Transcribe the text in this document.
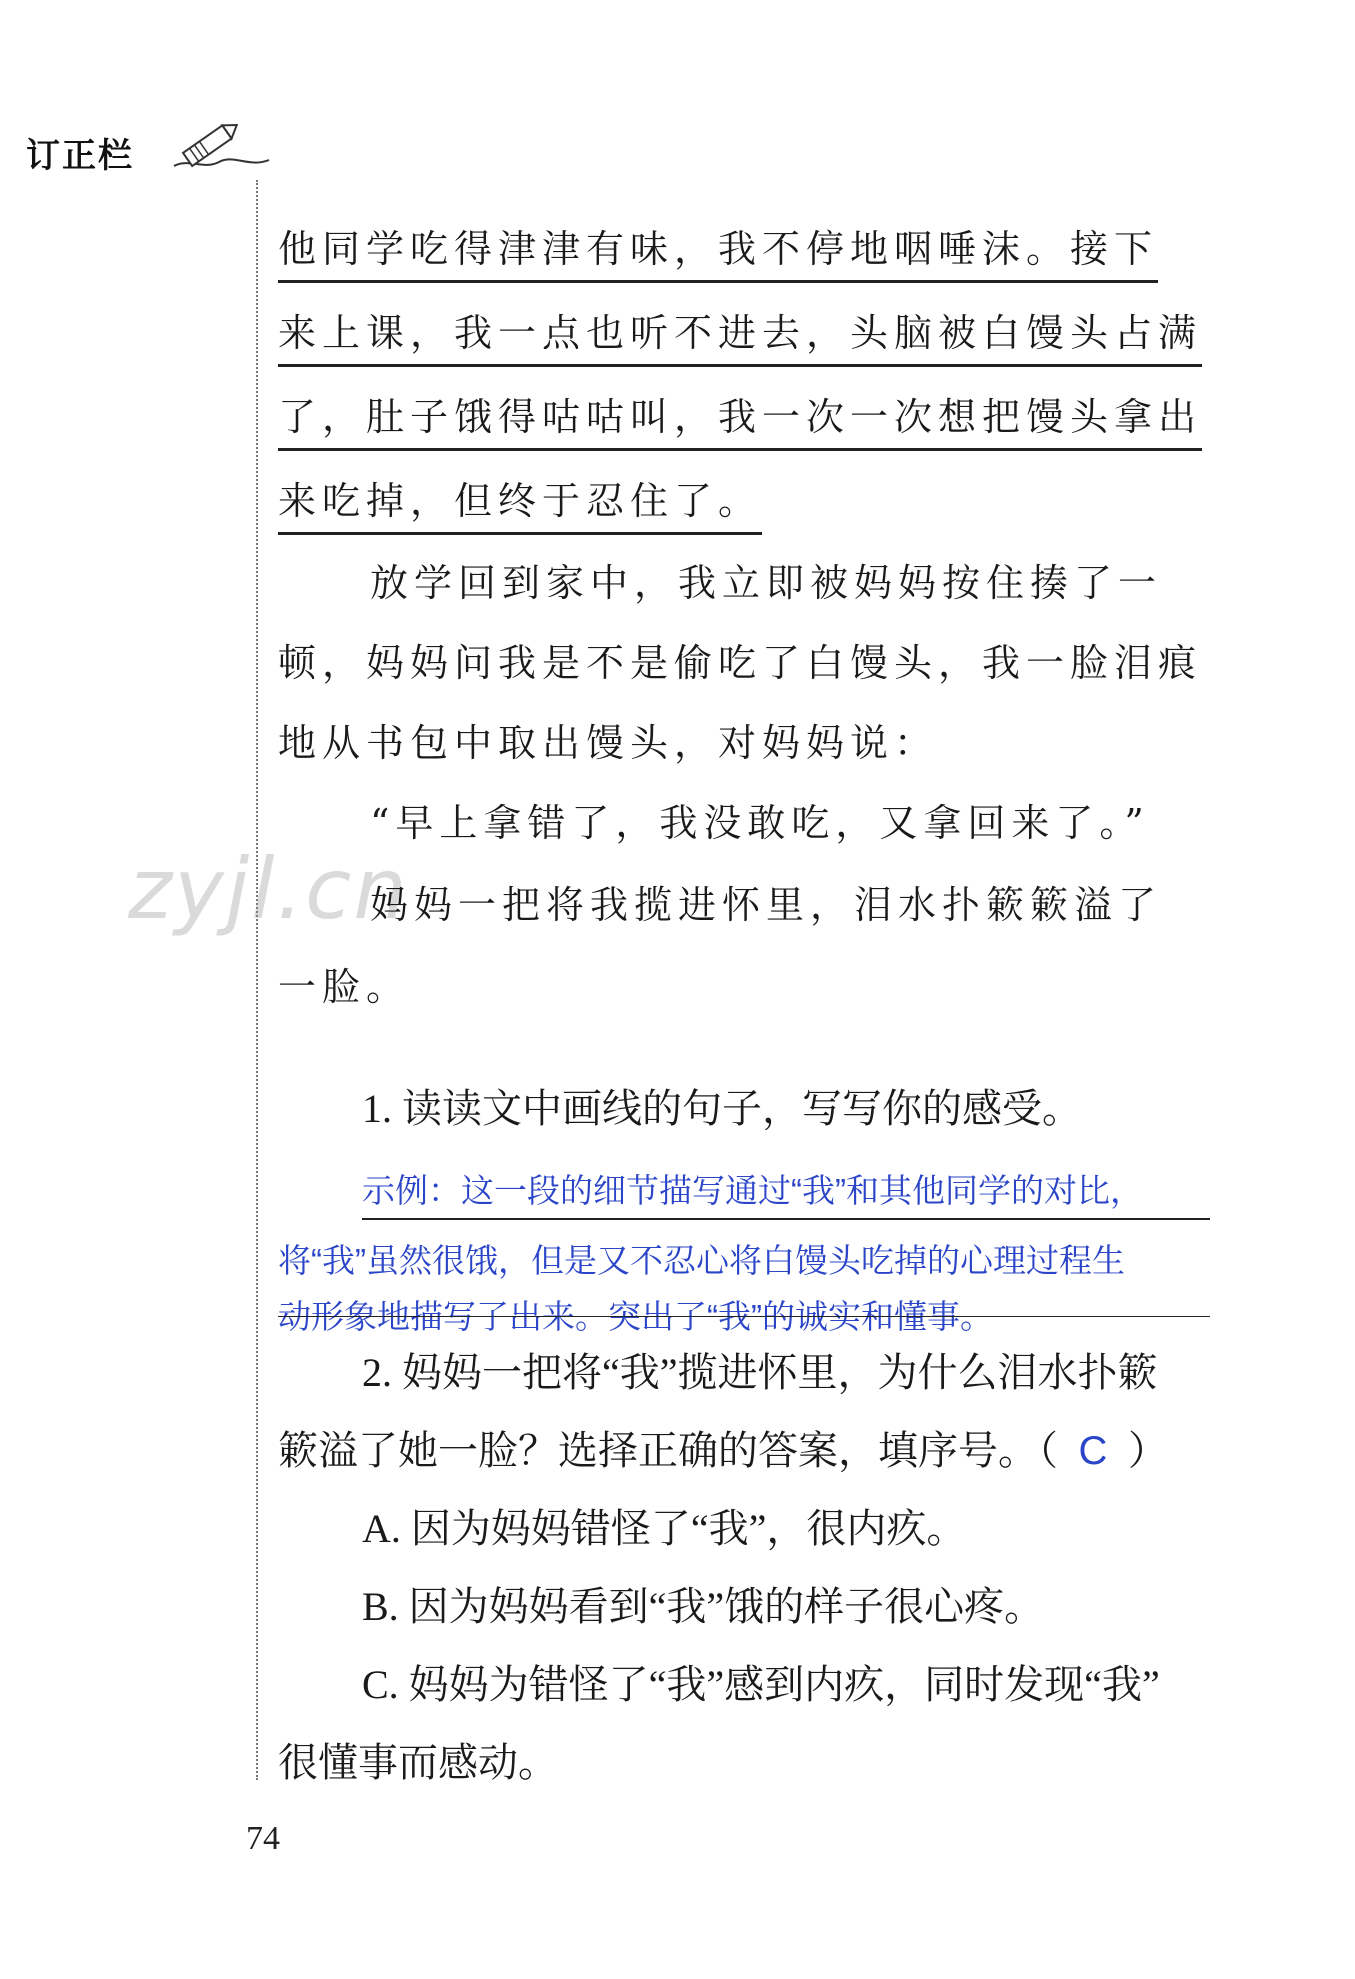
订正栏
zyjl.cn
他同学吃得津津有味，我不停地咽唾沫。接下
来上课，我一点也听不进去，头脑被白馒头占满
了，肚子饿得咕咕叫，我一次一次想把馒头拿出
来吃掉，但终于忍住了。
放学回到家中，我立即被妈妈按住揍了一
顿，妈妈问我是不是偷吃了白馒头，我一脸泪痕
地从书包中取出馒头，对妈妈说：
“早上拿错了，我没敢吃，又拿回来了。”
妈妈一把将我揽进怀里，泪水扑簌簌溢了
一脸。
1. 读读文中画线的句子，写写你的感受。
示例：这一段的细节描写通过“我”和其他同学的对比，
将“我”虽然很饿，但是又不忍心将白馒头吃掉的心理过程生
动形象地描写了出来。突出了“我”的诚实和懂事。
2. 妈妈一把将“我”揽进怀里，为什么泪水扑簌
簌溢了她一脸？选择正确的答案，填序号。（ C ）
A. 因为妈妈错怪了“我”，很内疚。
B. 因为妈妈看到“我”饿的样子很心疼。
C. 妈妈为错怪了“我”感到内疚，同时发现“我”
很懂事而感动。
74
